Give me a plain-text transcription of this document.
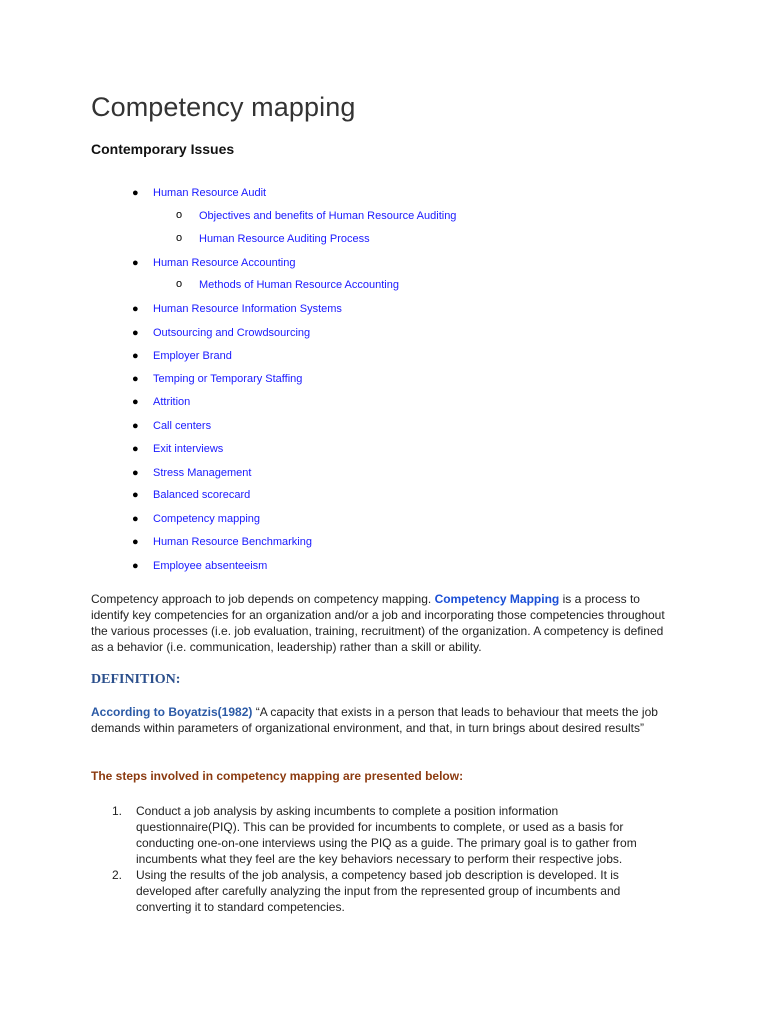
Competency mapping
Contemporary Issues
● Human Resource Audit
o Objectives and benefits of Human Resource Auditing
o Human Resource Auditing Process
● Human Resource Accounting
o Methods of Human Resource Accounting
● Human Resource Information Systems
● Outsourcing and Crowdsourcing
● Employer Brand
● Temping or Temporary Staffing
● Attrition
● Call centers
● Exit interviews
● Stress Management
● Balanced scorecard
● Competency mapping
● Human Resource Benchmarking
● Employee absenteeism

Competency approach to job depends on competency mapping. Competency Mapping is a process to identify key competencies for an organization and/or a job and incorporating those competencies throughout the various processes (i.e. job evaluation, training, recruitment) of the organization. A competency is defined as a behavior (i.e. communication, leadership) rather than a skill or ability.

DEFINITION:

According to Boyatzis(1982) “A capacity that exists in a person that leads to behaviour that meets the job demands within parameters of organizational environment, and that, in turn brings about desired results”

The steps involved in competency mapping are presented below:
1. Conduct a job analysis by asking incumbents to complete a position information questionnaire(PIQ). This can be provided for incumbents to complete, or used as a basis for conducting one-on-one interviews using the PIQ as a guide. The primary goal is to gather from incumbents what they feel are the key behaviors necessary to perform their respective jobs.
2. Using the results of the job analysis, a competency based job description is developed. It is developed after carefully analyzing the input from the represented group of incumbents and converting it to standard competencies.
